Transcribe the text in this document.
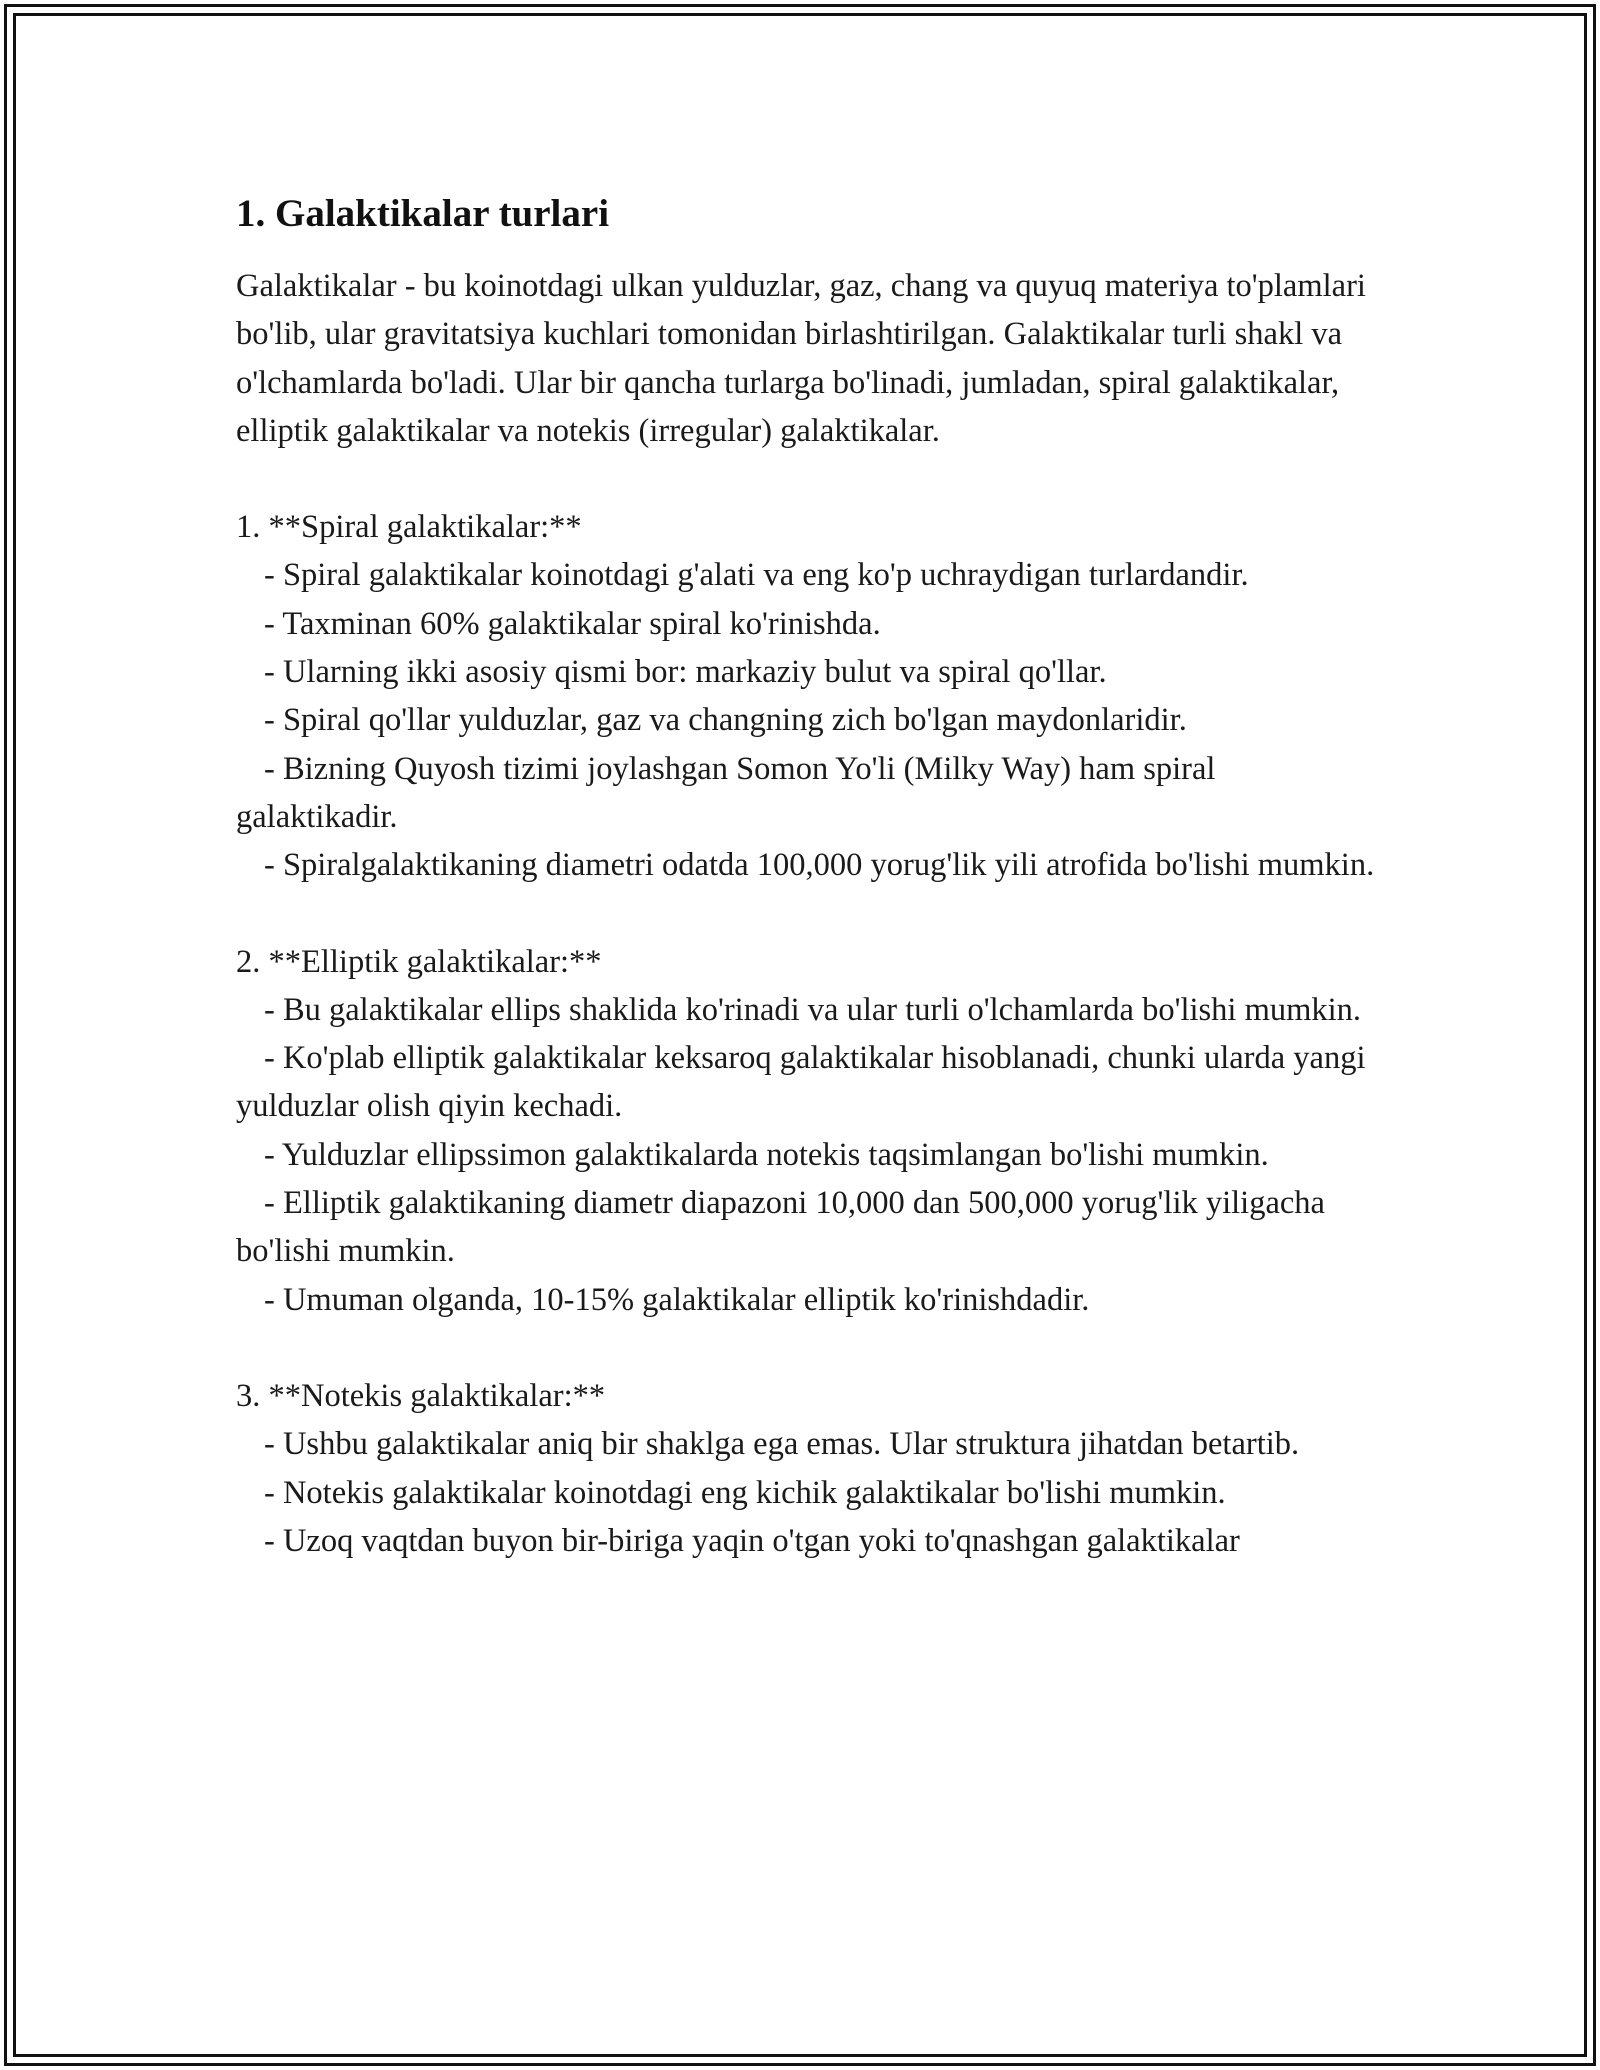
1. Galaktikalar turlari

Galaktikalar - bu koinotdagi ulkan yulduzlar, gaz, chang va quyuq materiya to'plamlari bo'lib, ular gravitatsiya kuchlari tomonidan birlashtirilgan. Galaktikalar turli shakl va o'lchamlarda bo'ladi. Ular bir qancha turlarga bo'linadi, jumladan, spiral galaktikalar, elliptik galaktikalar va notekis (irregular) galaktikalar.

1. **Spiral galaktikalar:**

- Spiral galaktikalar koinotdagi g'alati va eng ko'p uchraydigan turlardandir.

- Taxminan 60% galaktikalar spiral ko'rinishda.

- Ularning ikki asosiy qismi bor: markaziy bulut va spiral qo'llar.

- Spiral qo'llar yulduzlar, gaz va changning zich bo'lgan maydonlaridir.

- Bizning Quyosh tizimi joylashgan Somon Yo'li (Milky Way) ham spiral galaktikadir.

- Spiralgalaktikaning diametri odatda 100,000 yorug'lik yili atrofida bo'lishi mumkin.

2. **Elliptik galaktikalar:**

- Bu galaktikalar ellips shaklida ko'rinadi va ular turli o'lchamlarda bo'lishi mumkin.

- Ko'plab elliptik galaktikalar keksaroq galaktikalar hisoblanadi, chunki ularda yangi yulduzlar olish qiyin kechadi.

- Yulduzlar ellipssimon galaktikalarda notekis taqsimlangan bo'lishi mumkin.

- Elliptik galaktikaning diametr diapazoni 10,000 dan 500,000 yorug'lik yiligacha bo'lishi mumkin.

- Umuman olganda, 10-15% galaktikalar elliptik ko'rinishdadir.

3. **Notekis galaktikalar:**

- Ushbu galaktikalar aniq bir shaklga ega emas. Ular struktura jihatdan betartib.

- Notekis galaktikalar koinotdagi eng kichik galaktikalar bo'lishi mumkin.

- Uzoq vaqtdan buyon bir-biriga yaqin o'tgan yoki to'qnashgan galaktikalar
